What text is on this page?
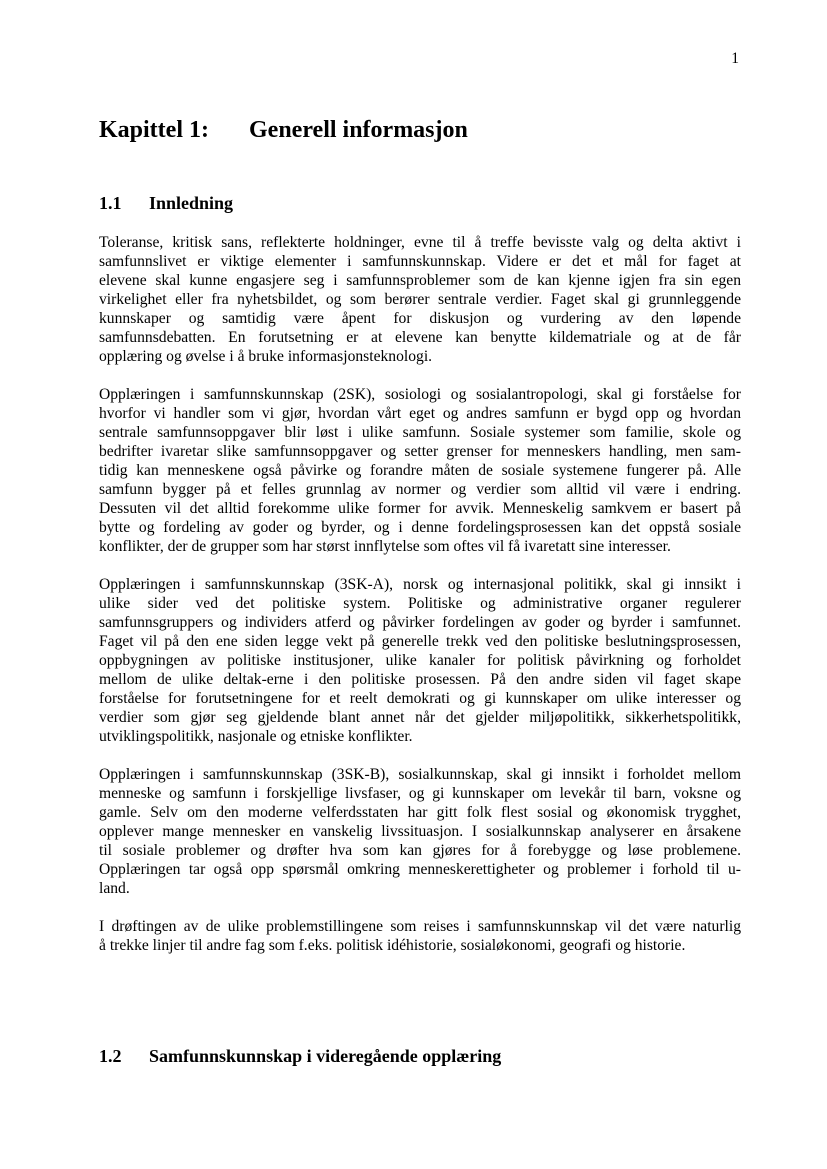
1
Kapittel 1: Generell informasjon
1.1 Innledning

Toleranse, kritisk sans, reflekterte holdninger, evne til å treffe bevisste valg og delta aktivt i
samfunnslivet er viktige elementer i samfunnskunnskap. Videre er det et mål for faget at
elevene skal kunne engasjere seg i samfunnsproblemer som de kan kjenne igjen fra sin egen
virkelighet eller fra nyhetsbildet, og som berører sentrale verdier. Faget skal gi grunnleggende
kunnskaper og samtidig være åpent for diskusjon og vurdering av den løpende
samfunnsdebatten. En forutsetning er at elevene kan benytte kildematriale og at de får
opplæring og øvelse i å bruke informasjonsteknologi.

Opplæringen i samfunnskunnskap (2SK), sosiologi og sosialantropologi, skal gi forståelse for
hvorfor vi handler som vi gjør, hvordan vårt eget og andres samfunn er bygd opp og hvordan
sentrale samfunnsoppgaver blir løst i ulike samfunn. Sosiale systemer som familie, skole og
bedrifter ivaretar slike samfunnsoppgaver og setter grenser for menneskers handling, men sam-
tidig kan menneskene også påvirke og forandre måten de sosiale systemene fungerer på. Alle
samfunn bygger på et felles grunnlag av normer og verdier som alltid vil være i endring.
Dessuten vil det alltid forekomme ulike former for avvik. Menneskelig samkvem er basert på
bytte og fordeling av goder og byrder, og i denne fordelingsprosessen kan det oppstå sosiale
konflikter, der de grupper som har størst innflytelse som oftes vil få ivaretatt sine interesser.

Opplæringen i samfunnskunnskap (3SK-A), norsk og internasjonal politikk, skal gi innsikt i
ulike sider ved det politiske system. Politiske og administrative organer regulerer
samfunnsgruppers og individers atferd og påvirker fordelingen av goder og byrder i samfunnet.
Faget vil på den ene siden legge vekt på generelle trekk ved den politiske beslutningsprosessen,
oppbygningen av politiske institusjoner, ulike kanaler for politisk påvirkning og forholdet
mellom de ulike deltak-erne i den politiske prosessen. På den andre siden vil faget skape
forståelse for forutsetningene for et reelt demokrati og gi kunnskaper om ulike interesser og
verdier som gjør seg gjeldende blant annet når det gjelder miljøpolitikk, sikkerhetspolitikk,
utviklingspolitikk, nasjonale og etniske konflikter.

Opplæringen i samfunnskunnskap (3SK-B), sosialkunnskap, skal gi innsikt i forholdet mellom
menneske og samfunn i forskjellige livsfaser, og gi kunnskaper om levekår til barn, voksne og
gamle. Selv om den moderne velferdsstaten har gitt folk flest sosial og økonomisk trygghet,
opplever mange mennesker en vanskelig livssituasjon. I sosialkunnskap analyserer en årsakene
til sosiale problemer og drøfter hva som kan gjøres for å forebygge og løse problemene.
Opplæringen tar også opp spørsmål omkring menneskerettigheter og problemer i forhold til u-
land.

I drøftingen av de ulike problemstillingene som reises i samfunnskunnskap vil det være naturlig
å trekke linjer til andre fag som f.eks. politisk idéhistorie, sosialøkonomi, geografi og historie.

1.2 Samfunnskunnskap i videregående opplæring
